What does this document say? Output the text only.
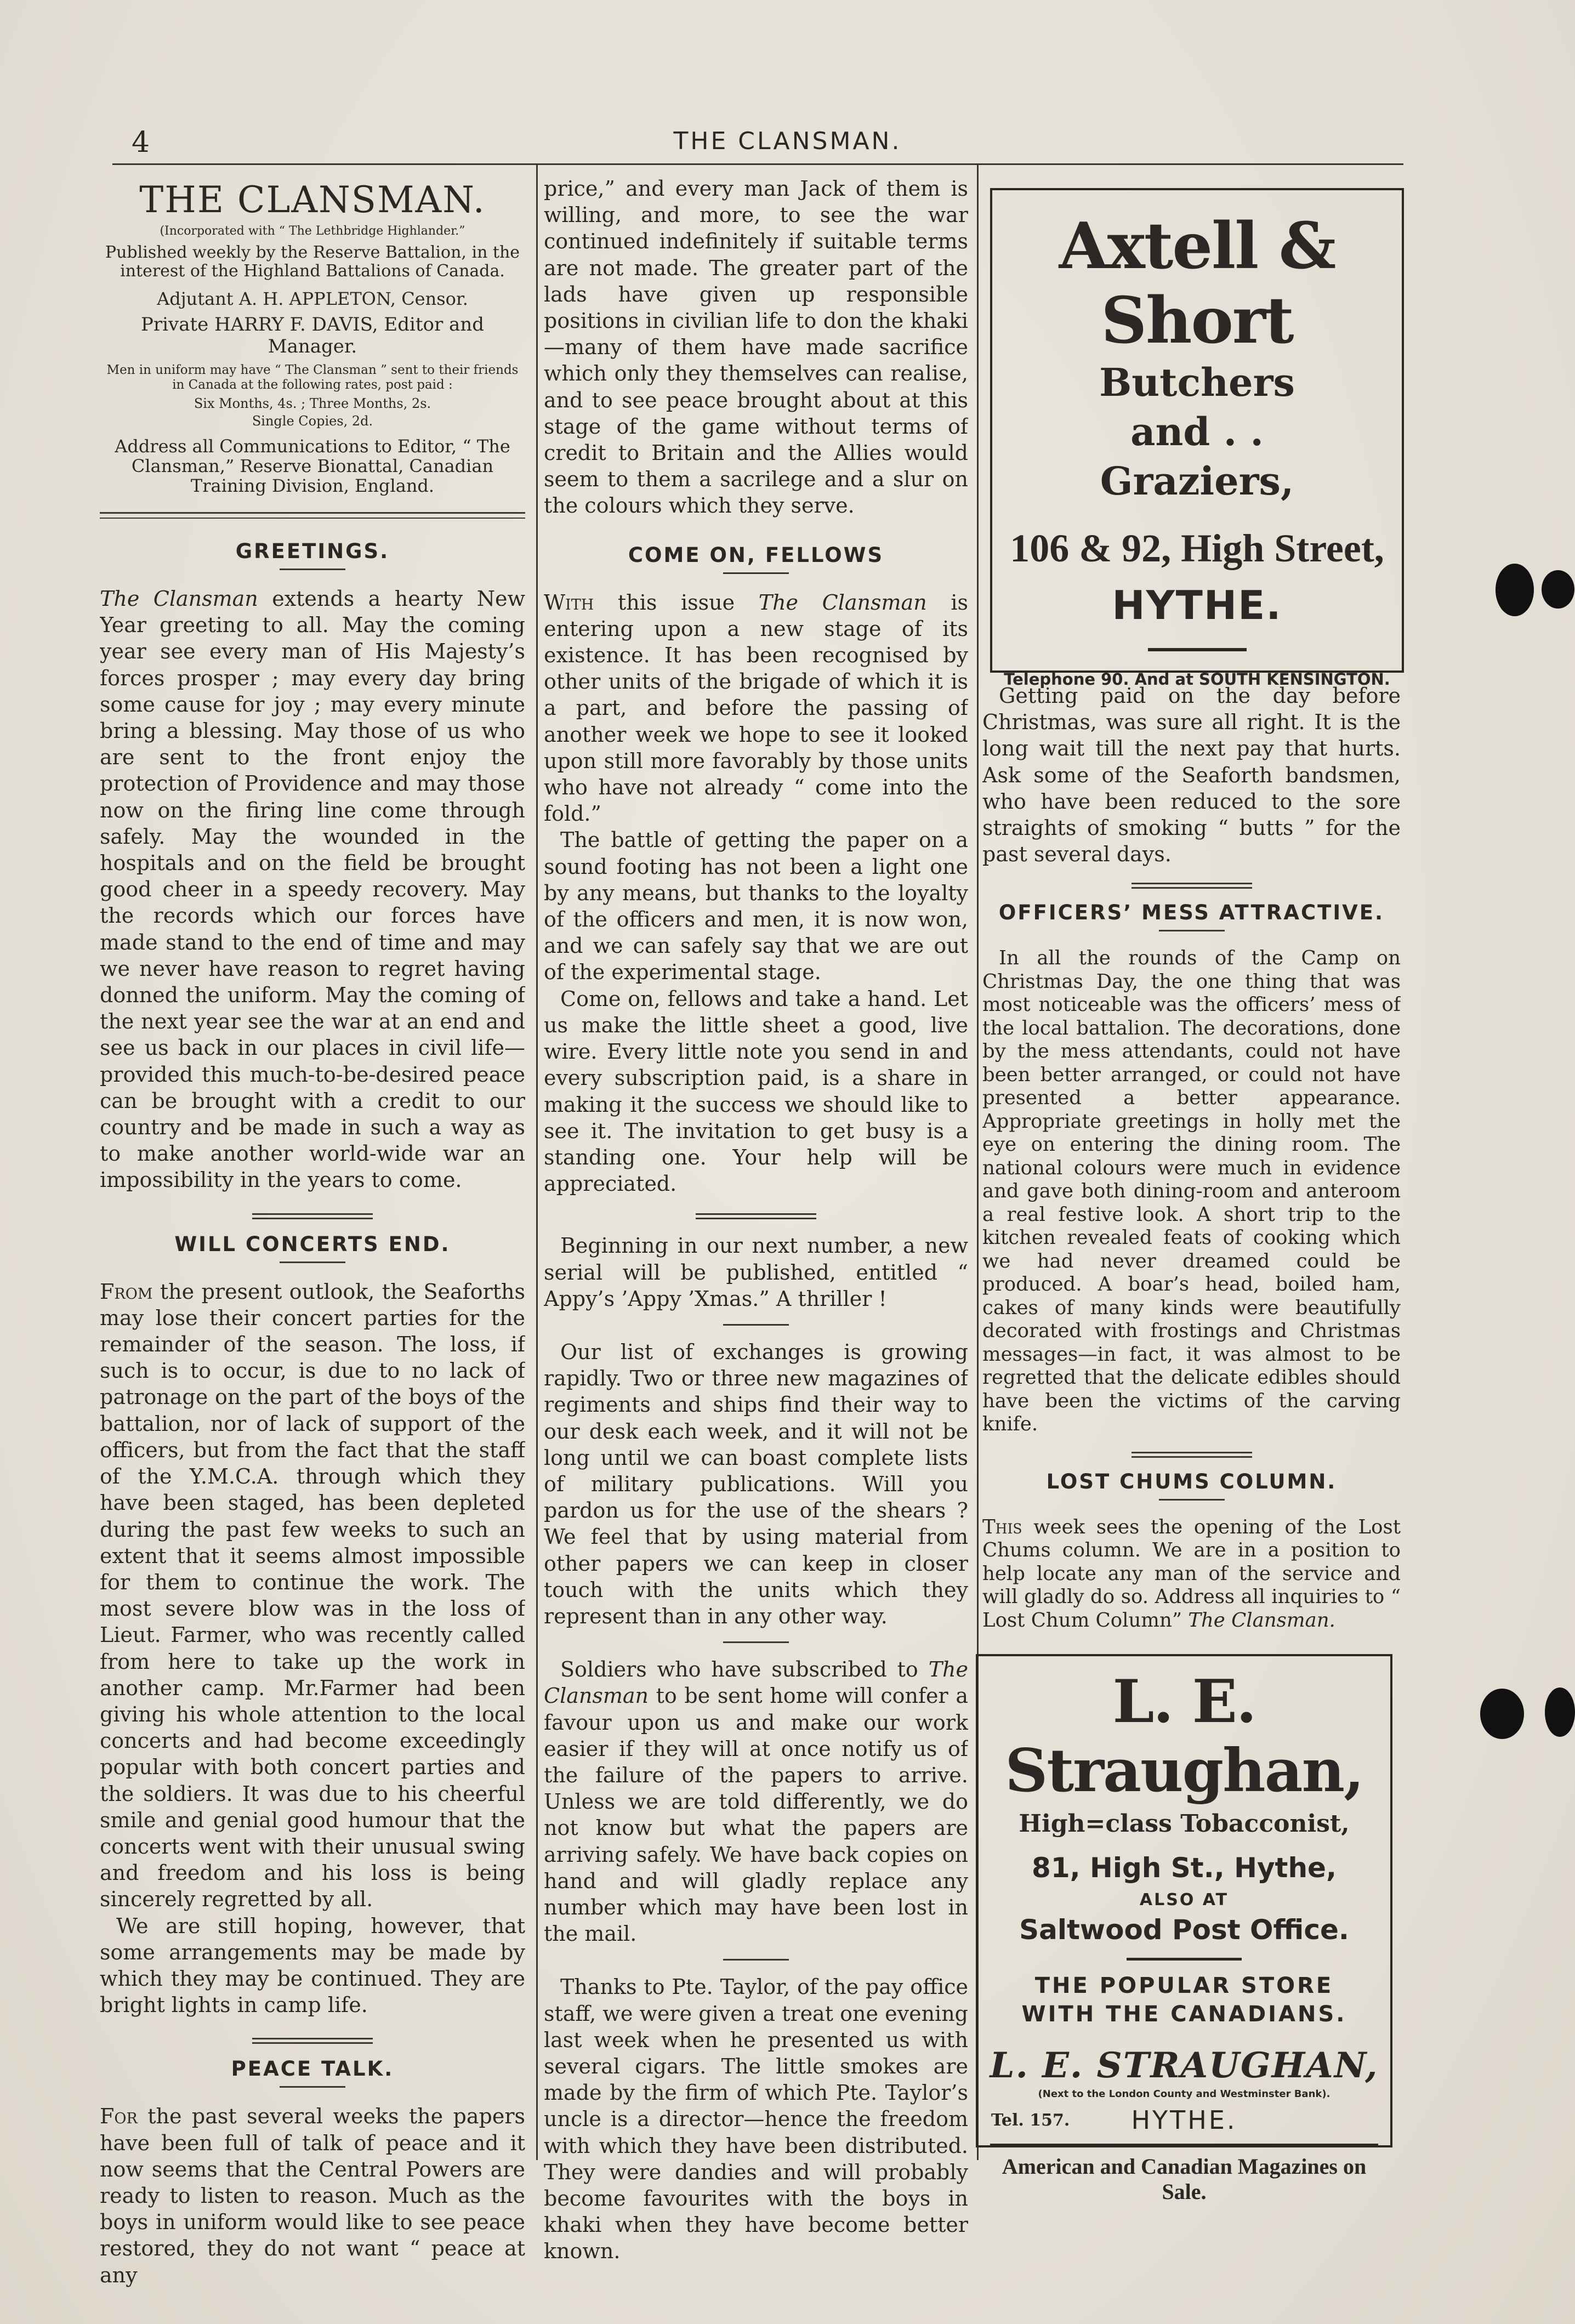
4	THE CLANSMAN.
THE CLANSMAN.
(Incorporated with “ The Lethbridge Highlander.”
Published weekly by the Reserve Battalion, in the interest of the Highland Battalions of Canada.
Adjutant A. H. APPLETON, Censor.
Private HARRY F. DAVIS, Editor and Manager.
Men in uniform may have “ The Clansman ” sent to their friends in Canada at the following rates, post paid :
Six Months, 4s. ; Three Months, 2s.
Single Copies, 2d.
Address all Communications to Editor, “ The Clansman,” Reserve Bionattal, Canadian Training Division, England.
GREETINGS.

The Clansman extends a hearty New Year greeting to all. May the coming year see every man of His Majesty’s forces prosper ; may every day bring some cause for joy ; may every minute bring a blessing. May those of us who are sent to the front enjoy the protection of Providence and may those now on the firing line come through safely. May the wounded in the hospitals and on the field be brought good cheer in a speedy recovery. May the records which our forces have made stand to the end of time and may we never have reason to regret having donned the uniform. May the coming of the next year see the war at an end and see us back in our places in civil life—provided this much-to-be-desired peace can be brought with a credit to our country and be made in such a way as to make another world-wide war an impossibility in the years to come.

WILL CONCERTS END.

From the present outlook, the Seaforths may lose their concert parties for the remainder of the season. The loss, if such is to occur, is due to no lack of patronage on the part of the boys of the battalion, nor of lack of support of the officers, but from the fact that the staff of the Y.M.C.A. through which they have been staged, has been depleted during the past few weeks to such an extent that it seems almost impossible for them to continue the work. The most severe blow was in the loss of Lieut. Farmer, who was recently called from here to take up the work in another camp. Mr.Farmer had been giving his whole attention to the local concerts and had become exceedingly popular with both concert parties and the soldiers. It was due to his cheerful smile and genial good humour that the concerts went with their unusual swing and freedom and his loss is being sincerely regretted by all.

We are still hoping, however, that some arrangements may be made by which they may be continued. They are bright lights in camp life.

PEACE TALK.

For the past several weeks the papers have been full of talk of peace and it now seems that the Central Powers are ready to listen to reason. Much as the boys in uniform would like to see peace restored, they do not want “ peace at any

price,” and every man Jack of them is willing, and more, to see the war continued indefinitely if suitable terms are not made. The greater part of the lads have given up responsible positions in civilian life to don the khaki—many of them have made sacrifice which only they themselves can realise, and to see peace brought about at this stage of the game without terms of credit to Britain and the Allies would seem to them a sacrilege and a slur on the colours which they serve.

COME ON, FELLOWS

With this issue The Clansman is entering upon a new stage of its existence. It has been recognised by other units of the brigade of which it is a part, and before the passing of another week we hope to see it looked upon still more favorably by those units who have not already “ come into the fold.”

The battle of getting the paper on a sound footing has not been a light one by any means, but thanks to the loyalty of the officers and men, it is now won, and we can safely say that we are out of the experimental stage.

Come on, fellows and take a hand. Let us make the little sheet a good, live wire. Every little note you send in and every subscription paid, is a share in making it the success we should like to see it. The invitation to get busy is a standing one. Your help will be appreciated.

Beginning in our next number, a new serial will be published, entitled “ Appy’s ’Appy ’Xmas.” A thriller !

Our list of exchanges is growing rapidly. Two or three new magazines of regiments and ships find their way to our desk each week, and it will not be long until we can boast complete lists of military publications. Will you pardon us for the use of the shears ? We feel that by using material from other papers we can keep in closer touch with the units which they represent than in any other way.

Soldiers who have subscribed to The Clansman to be sent home will confer a favour upon us and make our work easier if they will at once notify us of the failure of the papers to arrive. Unless we are told differently, we do not know but what the papers are arriving safely. We have back copies on hand and will gladly replace any number which may have been lost in the mail.

Thanks to Pte. Taylor, of the pay office staff, we were given a treat one evening last week when he presented us with several cigars. The little smokes are made by the firm of which Pte. Taylor’s uncle is a director—hence the freedom with which they have been distributed. They were dandies and will probably become favourites with the boys in khaki when they have become better known.

Axtell & Short
Butchers
and . .
Graziers,
106 & 92, High Street,
HYTHE.
Telephone 90. And at SOUTH KENSINGTON.

Getting paid on the day before Christmas, was sure all right. It is the long wait till the next pay that hurts. Ask some of the Seaforth bandsmen, who have been reduced to the sore straights of smoking “ butts ” for the past several days.

OFFICERS’ MESS ATTRACTIVE.

In all the rounds of the Camp on Christmas Day, the one thing that was most noticeable was the officers’ mess of the local battalion. The decorations, done by the mess attendants, could not have been better arranged, or could not have presented a better appearance. Appropriate greetings in holly met the eye on entering the dining room. The national colours were much in evidence and gave both dining-room and anteroom a real festive look. A short trip to the kitchen revealed feats of cooking which we had never dreamed could be produced. A boar’s head, boiled ham, cakes of many kinds were beautifully decorated with frostings and Christmas messages—in fact, it was almost to be regretted that the delicate edibles should have been the victims of the carving knife.

LOST CHUMS COLUMN.

This week sees the opening of the Lost Chums column. We are in a position to help locate any man of the service and will gladly do so. Address all inquiries to “ Lost Chum Column” The Clansman.

L. E. Straughan,
High=class Tobacconist,
81, High St., Hythe,
ALSO AT
Saltwood Post Office.
THE POPULAR STORE
WITH THE CANADIANS.
L. E. STRAUGHAN,
(Next to the London County and Westminster Bank).
Tel. 157.	HYTHE.
American and Canadian Magazines on Sale.
